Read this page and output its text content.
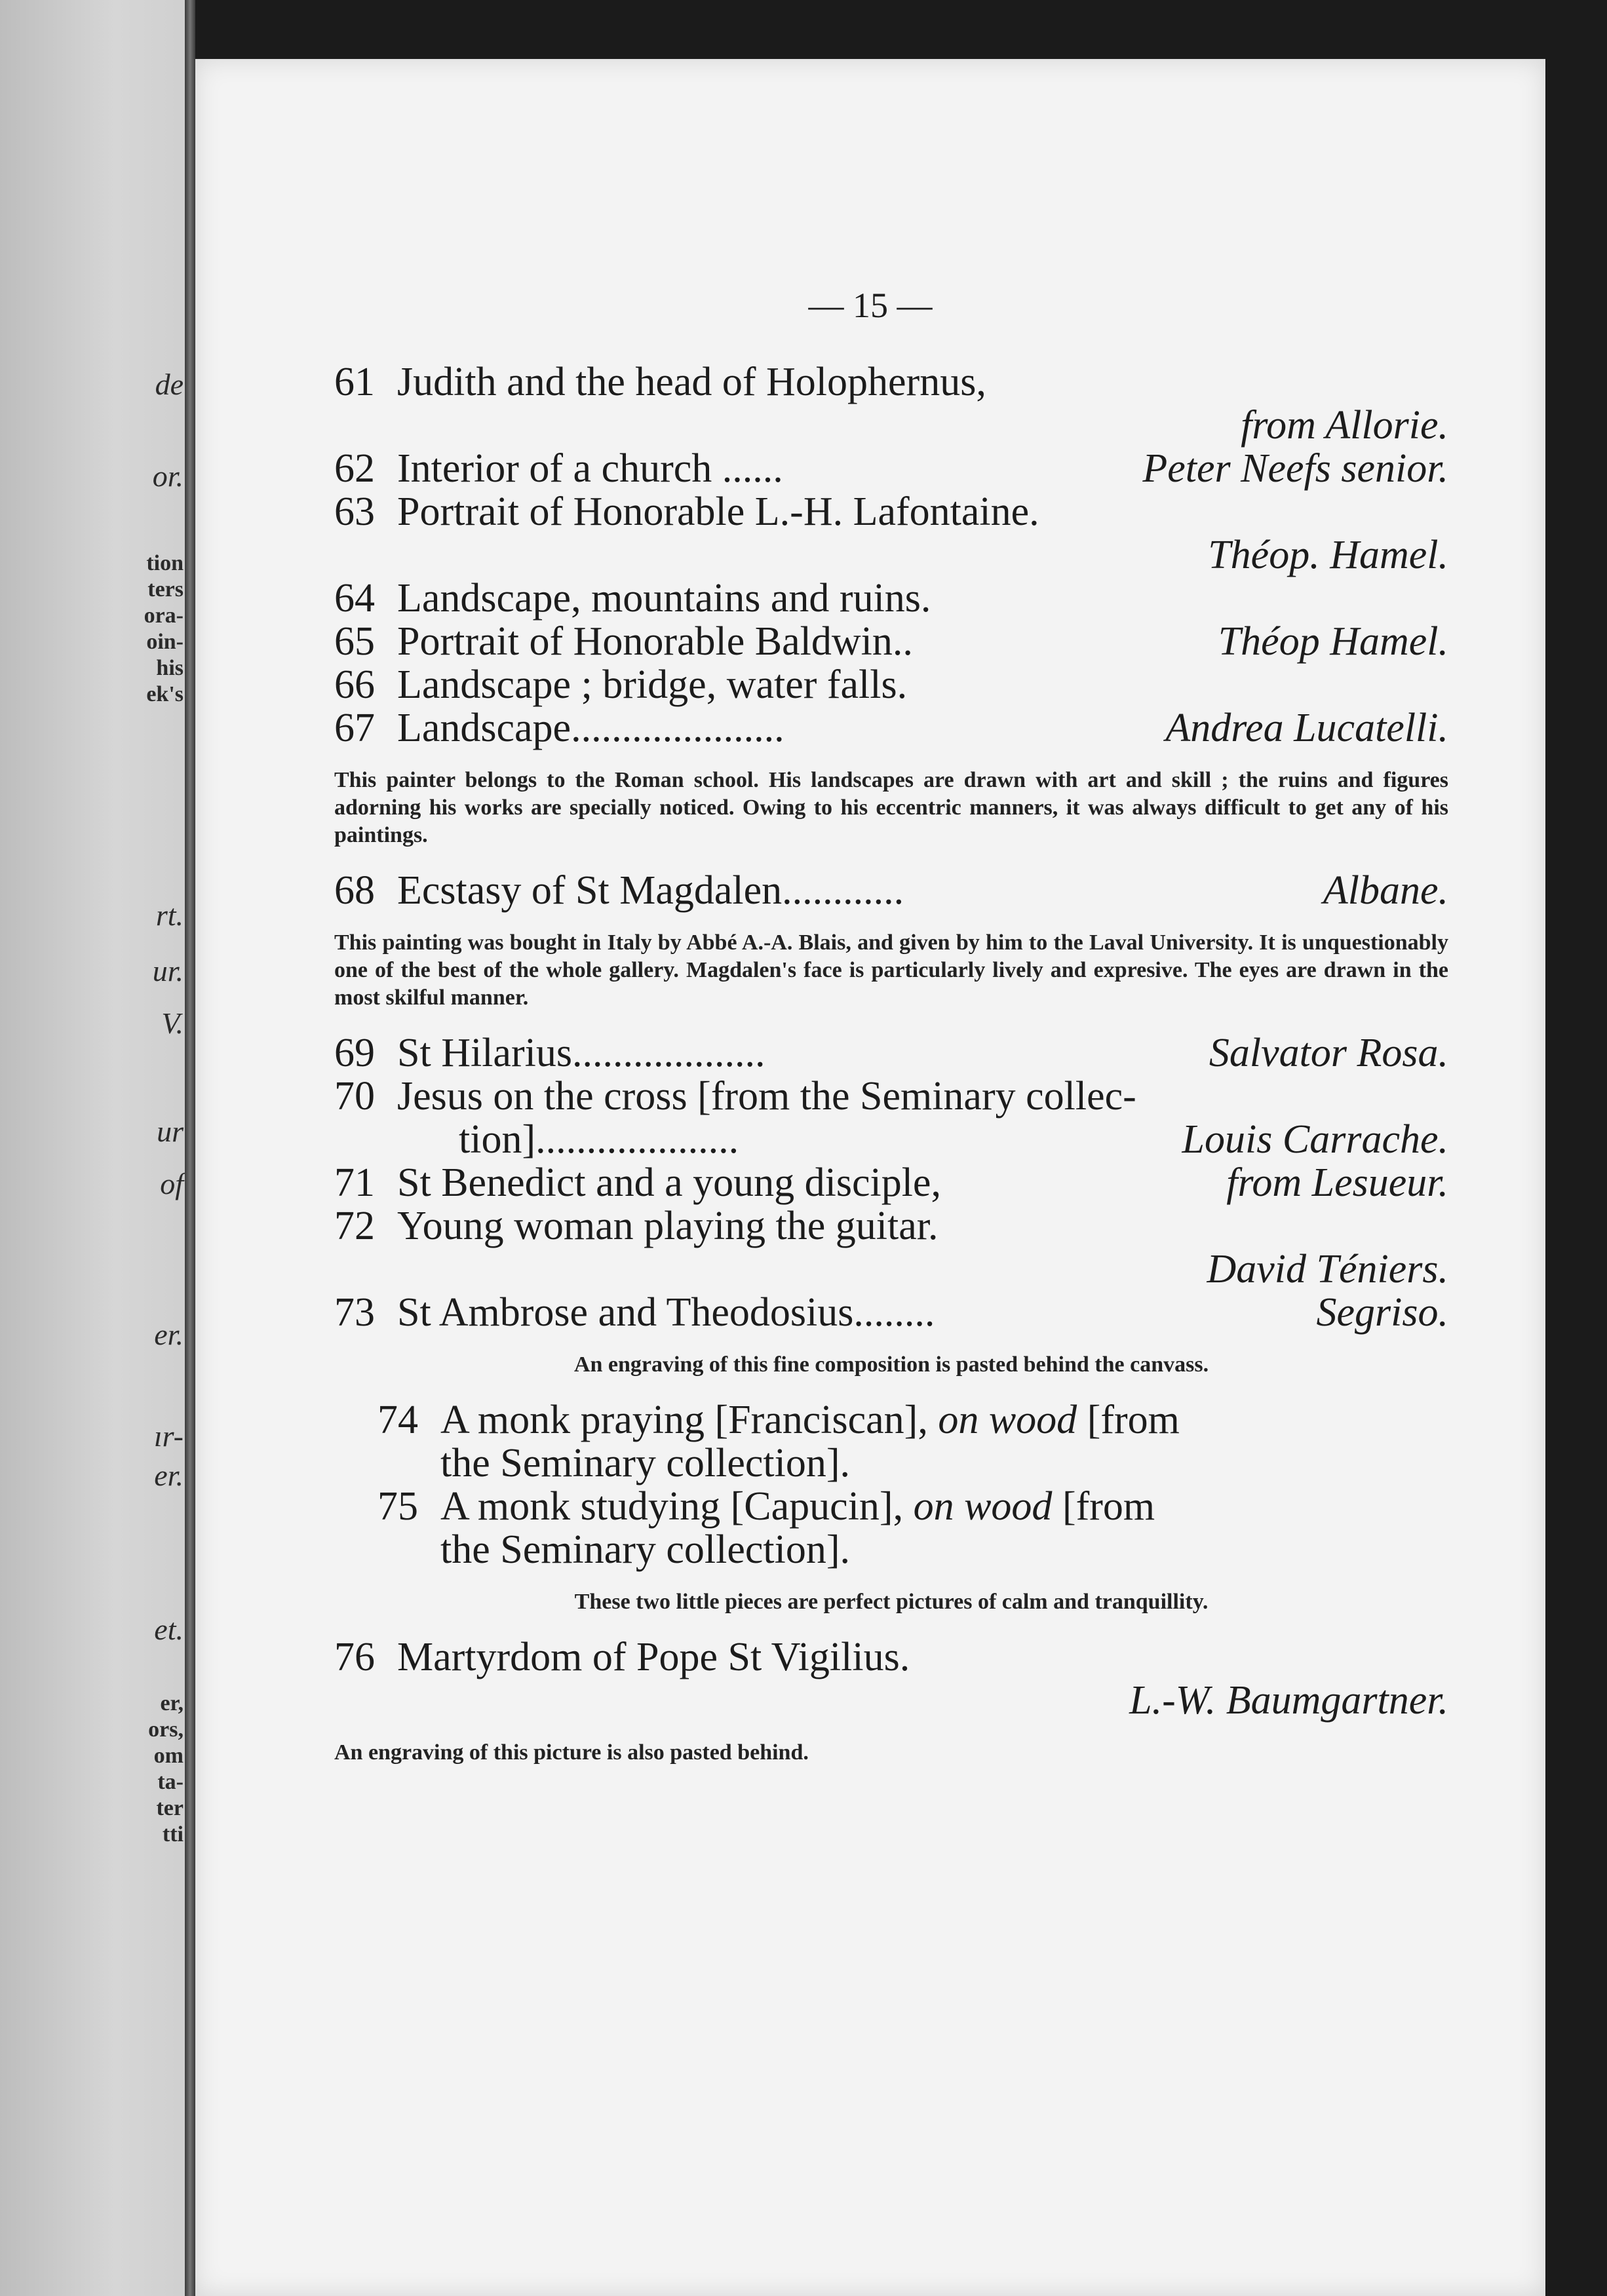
de
or.
rt.
ur.
V.
ur
of
er.
ır-
er.
et.
tion
ters
ora-
oin-
his
ek's
er,
ors,
om
ta-
ter
tti
— 15 —
61 Judith and the head of Holophernus,
from Allorie.
62 Interior of a church ......	Peter Neefs senior.
63 Portrait of Honorable L.-H. Lafontaine.
Théop. Hamel.
64 Landscape, mountains and ruins.
65 Portrait of Honorable Baldwin..	Théop Hamel.
66 Landscape ; bridge, water falls.
67 Landscape.....................	Andrea Lucatelli.
This painter belongs to the Roman school. His landscapes are drawn with art and skill ; the ruins and figures adorning his works are specially noticed. Owing to his eccentric manners, it was always difficult to get any of his paintings.
68 Ecstasy of St Magdalen............	Albane.
This painting was bought in Italy by Abbé A.-A. Blais, and given by him to the Laval University. It is unquestionably one of the best of the whole gallery. Magdalen's face is particularly lively and expresive. The eyes are drawn in the most skilful manner.
69 St Hilarius...................	Salvator Rosa.
70 Jesus on the cross [from the Seminary collec-
tion]....................	Louis Carrache.
71 St Benedict and a young disciple,	from Lesueur.
72 Young woman playing the guitar.
David Téniers.
73 St Ambrose and Theodosius........	Segriso.
An engraving of this fine composition is pasted behind the canvass.
74 A monk praying [Franciscan], on wood [from
the Seminary collection].
75 A monk studying [Capucin], on wood [from
the Seminary collection].
These two little pieces are perfect pictures of calm and tranquillity.
76 Martyrdom of Pope St Vigilius.
L.-W. Baumgartner.
An engraving of this picture is also pasted behind.
